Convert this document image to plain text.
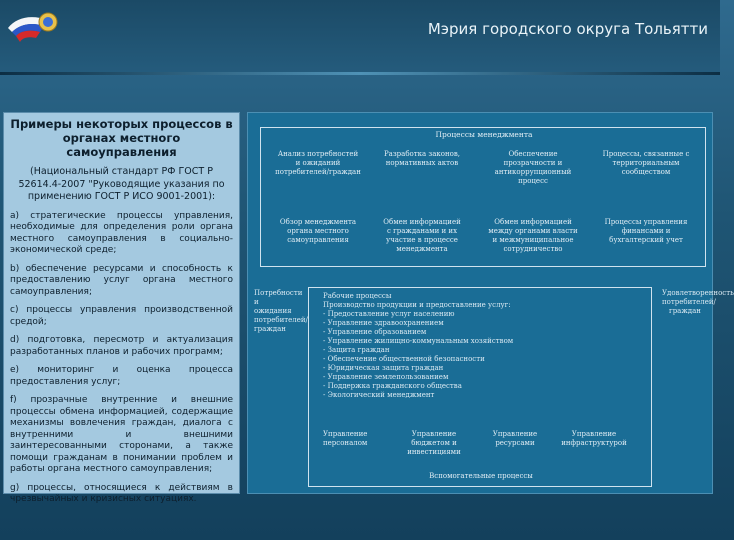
Мэрия городского округа Тольятти
Примеры некоторых процессов в органах местного самоуправления
(Национальный стандарт РФ ГОСТ Р 52614.4-2007 "Руководящие указания по применению ГОСТ Р ИСО 9001-2001):
а) стратегические процессы управления, необходимые для определения роли органа местного самоуправления в социально-экономической среде;
b) обеспечение ресурсами и способность к предоставлению услуг органа местного самоуправления;
c) процессы управления производственной средой;
d) подготовка, пересмотр и актуализация разработанных планов и рабочих программ;
e) мониторинг и оценка процесса предоставления услуг;
f) прозрачные внутренние и внешние процессы обмена информацией, содержащие механизмы вовлечения граждан, диалога с внутренними и внешними заинтересованными сторонами, а также помощи гражданам в понимании проблем и работы органа местного самоуправления;
g) процессы, относящиеся к действиям в чрезвычайных и кризисных ситуациях.
Процессы менеджмента
Анализ потребностей и ожиданий потребителей/граждан
Разработка законов, нормативных актов
Обеспечение прозрачности и антикоррупционный процесс
Процессы, связанные с территориальным сообществом
Обзор менеджмента органа местного самоуправления
Обмен информацией с гражданами и их участие в процессе менеджмента
Обмен информацией между органами власти и межмуниципальное сотрудничество
Процессы управления финансами и бухгалтерский учет
Потребности и ожидания потребителей/граждан
Рабочие процессы
Производство продукции и предоставление услуг:
- Предоставление услуг населению
- Управление здравоохранением
- Управление образованием
- Управление жилищно-коммунальным хозяйством
- Защита граждан
- Обеспечение общественной безопасности
- Юридическая защита граждан
- Управление землепользованием
- Поддержка гражданского общества
- Экологический менеджмент
Управление персоналом
Управление бюджетом и инвестициями
Управление ресурсами
Управление инфраструктурой
Вспомогательные процессы
Удовлетворенность потребителей/граждан
